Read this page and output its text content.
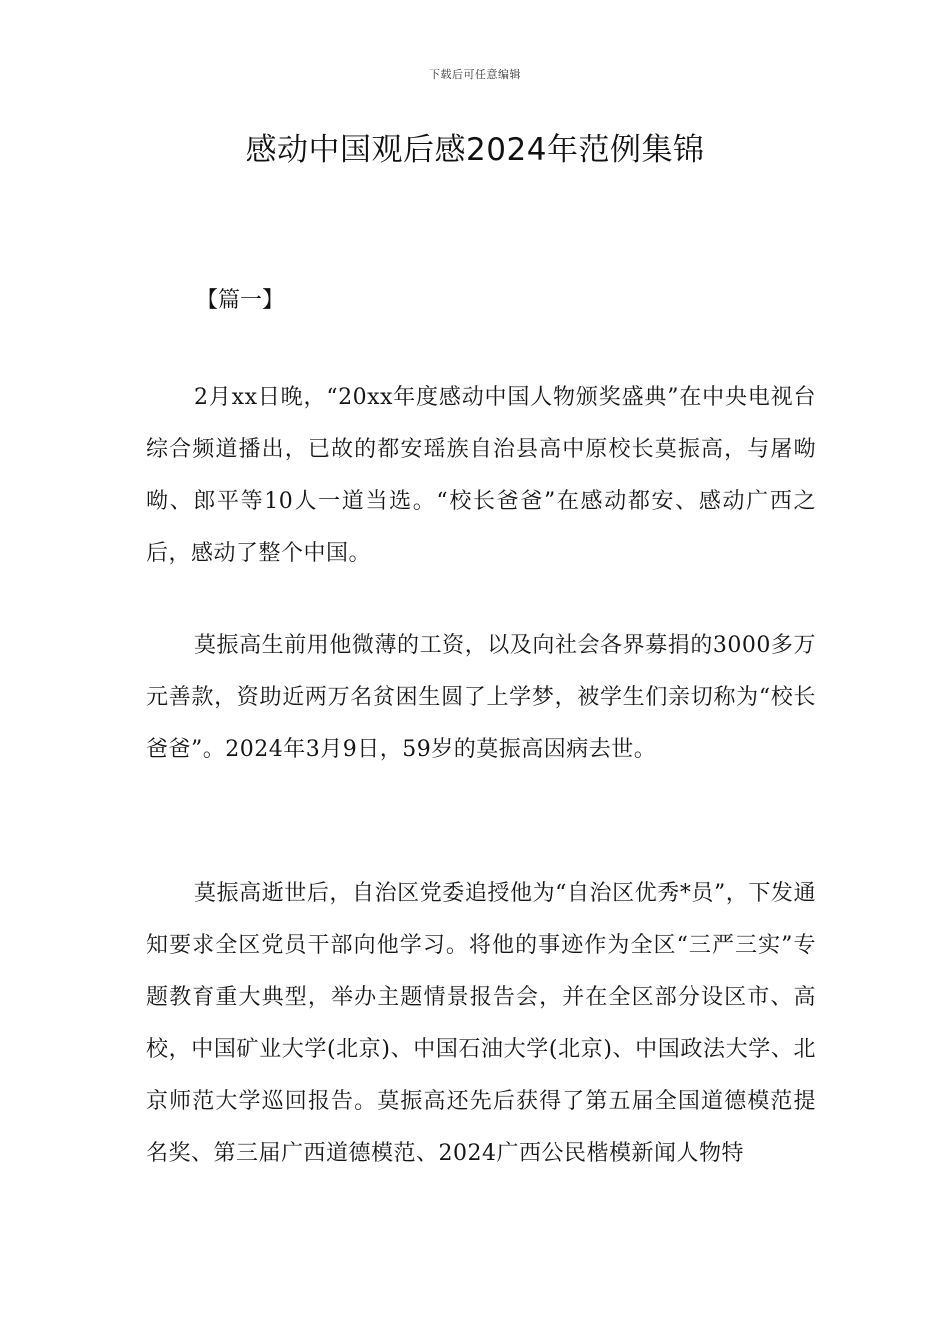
下载后可任意编辑
感动中国观后感2024年范例集锦
【篇一】

2月xx日晚，“20xx年度感动中国人物颁奖盛典”在中央电视台综合频道播出，已故的都安瑶族自治县高中原校长莫振高，与屠呦呦、郎平等10人一道当选。“校长爸爸”在感动都安、感动广西之后，感动了整个中国。

莫振高生前用他微薄的工资，以及向社会各界募捐的3000多万元善款，资助近两万名贫困生圆了上学梦，被学生们亲切称为“校长爸爸”。2024年3月9日，59岁的莫振高因病去世。

莫振高逝世后，自治区党委追授他为“自治区优秀*员”，下发通知要求全区党员干部向他学习。将他的事迹作为全区“三严三实”专题教育重大典型，举办主题情景报告会，并在全区部分设区市、高校，中国矿业大学(北京)、中国石油大学(北京)、中国政法大学、北京师范大学巡回报告。莫振高还先后获得了第五届全国道德模范提名奖、第三届广西道德模范、2024广西公民楷模新闻人物特
